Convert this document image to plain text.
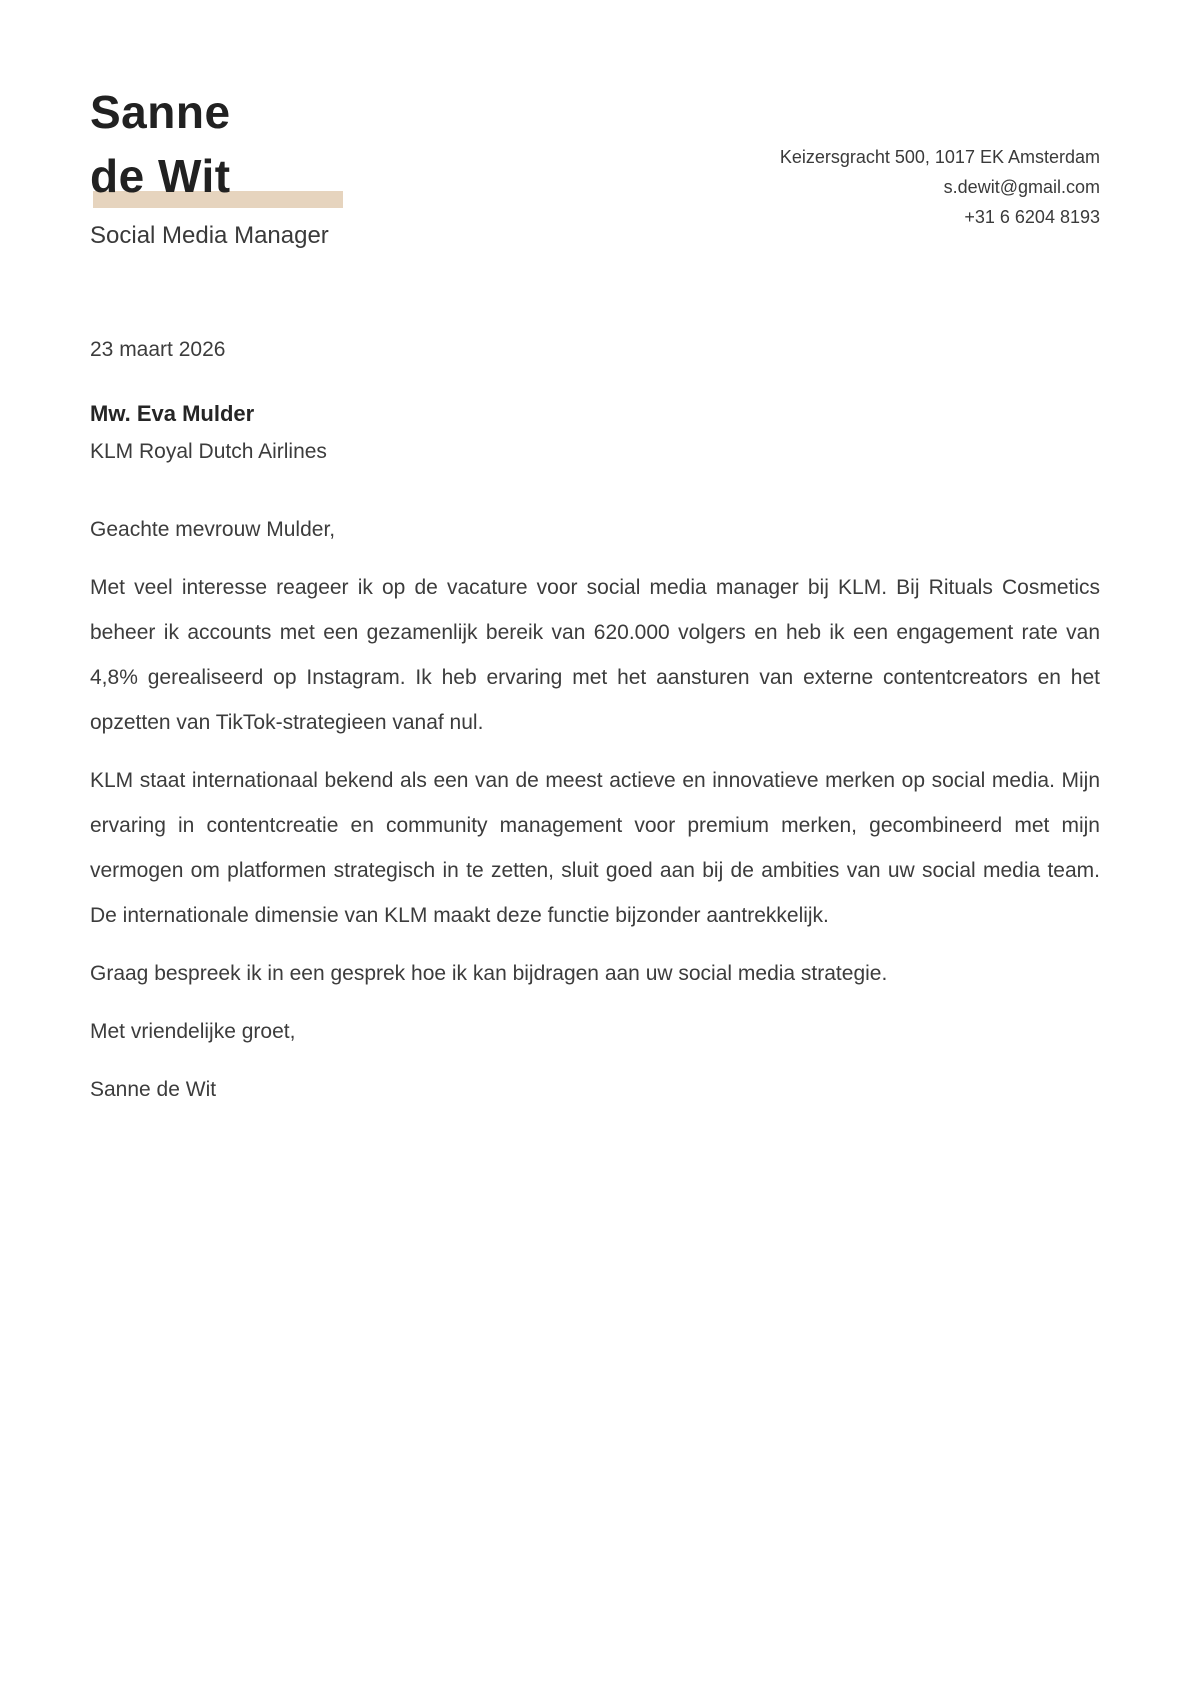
Sanne
de Wit
Social Media Manager
Keizersgracht 500, 1017 EK Amsterdam
s.dewit@gmail.com
+31 6 6204 8193
23 maart 2026
Mw. Eva Mulder
KLM Royal Dutch Airlines

Geachte mevrouw Mulder,

Met veel interesse reageer ik op de vacature voor social media manager bij KLM. Bij Rituals Cosmetics beheer ik accounts met een gezamenlijk bereik van 620.000 volgers en heb ik een engagement rate van 4,8% gerealiseerd op Instagram. Ik heb ervaring met het aansturen van externe contentcreators en het opzetten van TikTok-strategieen vanaf nul.

KLM staat internationaal bekend als een van de meest actieve en innovatieve merken op social media. Mijn ervaring in contentcreatie en community management voor premium merken, gecombineerd met mijn vermogen om platformen strategisch in te zetten, sluit goed aan bij de ambities van uw social media team. De internationale dimensie van KLM maakt deze functie bijzonder aantrekkelijk.

Graag bespreek ik in een gesprek hoe ik kan bijdragen aan uw social media strategie.

Met vriendelijke groet,

Sanne de Wit
